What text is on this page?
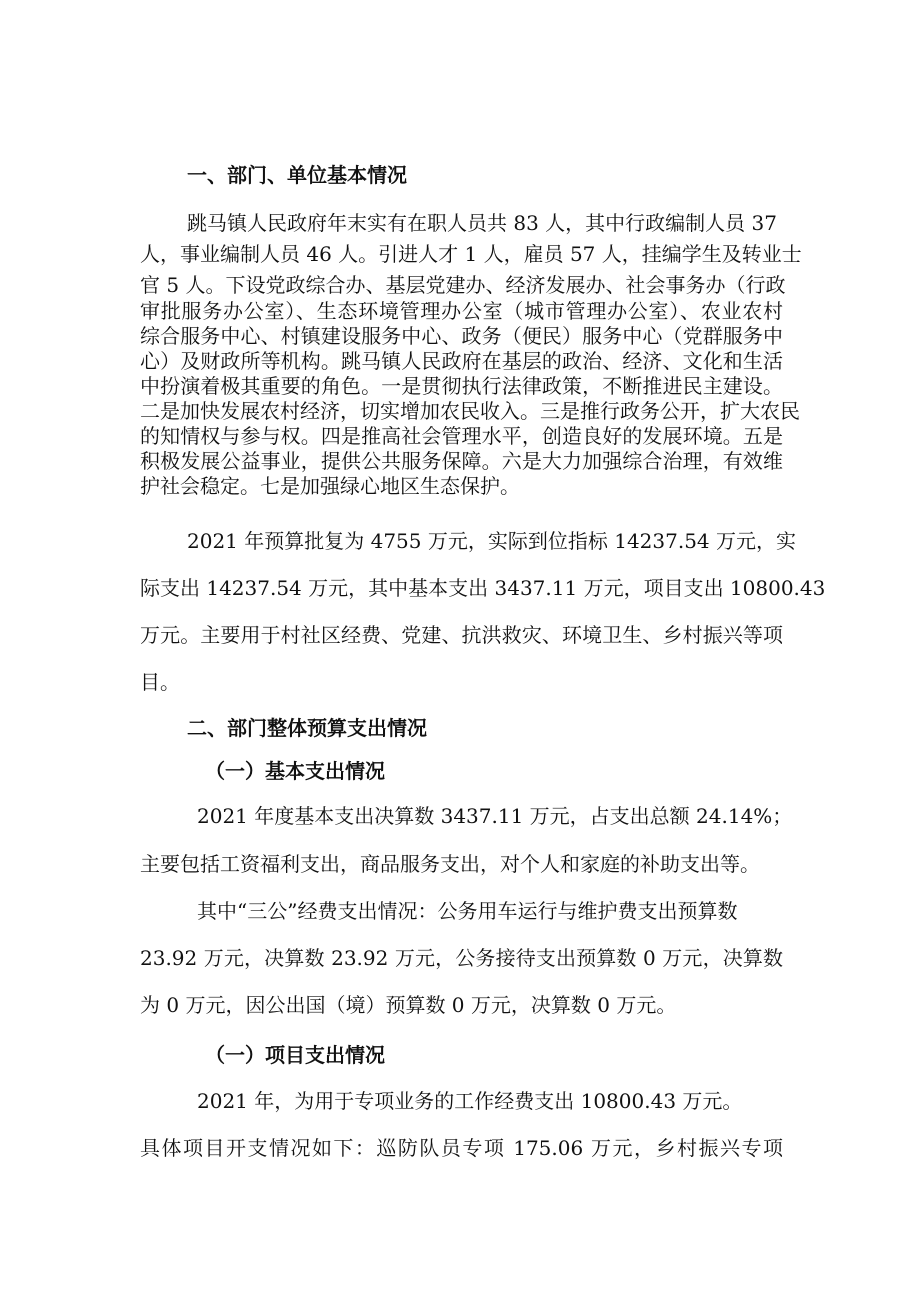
一、部门、单位基本情况
跳马镇人民政府年末实有在职人员共 83 人，其中行政编制人员 37
人，事业编制人员 46 人。引进人才 1 人，雇员 57 人，挂编学生及转业士
官 5 人。下设党政综合办、基层党建办、经济发展办、社会事务办（行政
审批服务办公室）、生态环境管理办公室（城市管理办公室）、农业农村
综合服务中心、村镇建设服务中心、政务（便民）服务中心（党群服务中
心）及财政所等机构。跳马镇人民政府在基层的政治、经济、文化和生活
中扮演着极其重要的角色。一是贯彻执行法律政策，不断推进民主建设。
二是加快发展农村经济，切实增加农民收入。三是推行政务公开，扩大农民
的知情权与参与权。四是推高社会管理水平，创造良好的发展环境。五是
积极发展公益事业，提供公共服务保障。六是大力加强综合治理，有效维
护社会稳定。七是加强绿心地区生态保护。
2021 年预算批复为 4755 万元，实际到位指标 14237.54 万元，实
际支出 14237.54 万元，其中基本支出 3437.11 万元，项目支出 10800.43
万元。主要用于村社区经费、党建、抗洪救灾、环境卫生、乡村振兴等项
目。
二、部门整体预算支出情况
（一）基本支出情况
2021 年度基本支出决算数 3437.11 万元，占支出总额 24.14%；
主要包括工资福利支出，商品服务支出，对个人和家庭的补助支出等。
其中“三公”经费支出情况：公务用车运行与维护费支出预算数
23.92 万元，决算数 23.92 万元，公务接待支出预算数 0 万元，决算数
为 0 万元，因公出国（境）预算数 0 万元，决算数 0 万元。
（一）项目支出情况
2021 年，为用于专项业务的工作经费支出 10800.43 万元。
具体项目开支情况如下：巡防队员专项 175.06 万元，乡村振兴专项
